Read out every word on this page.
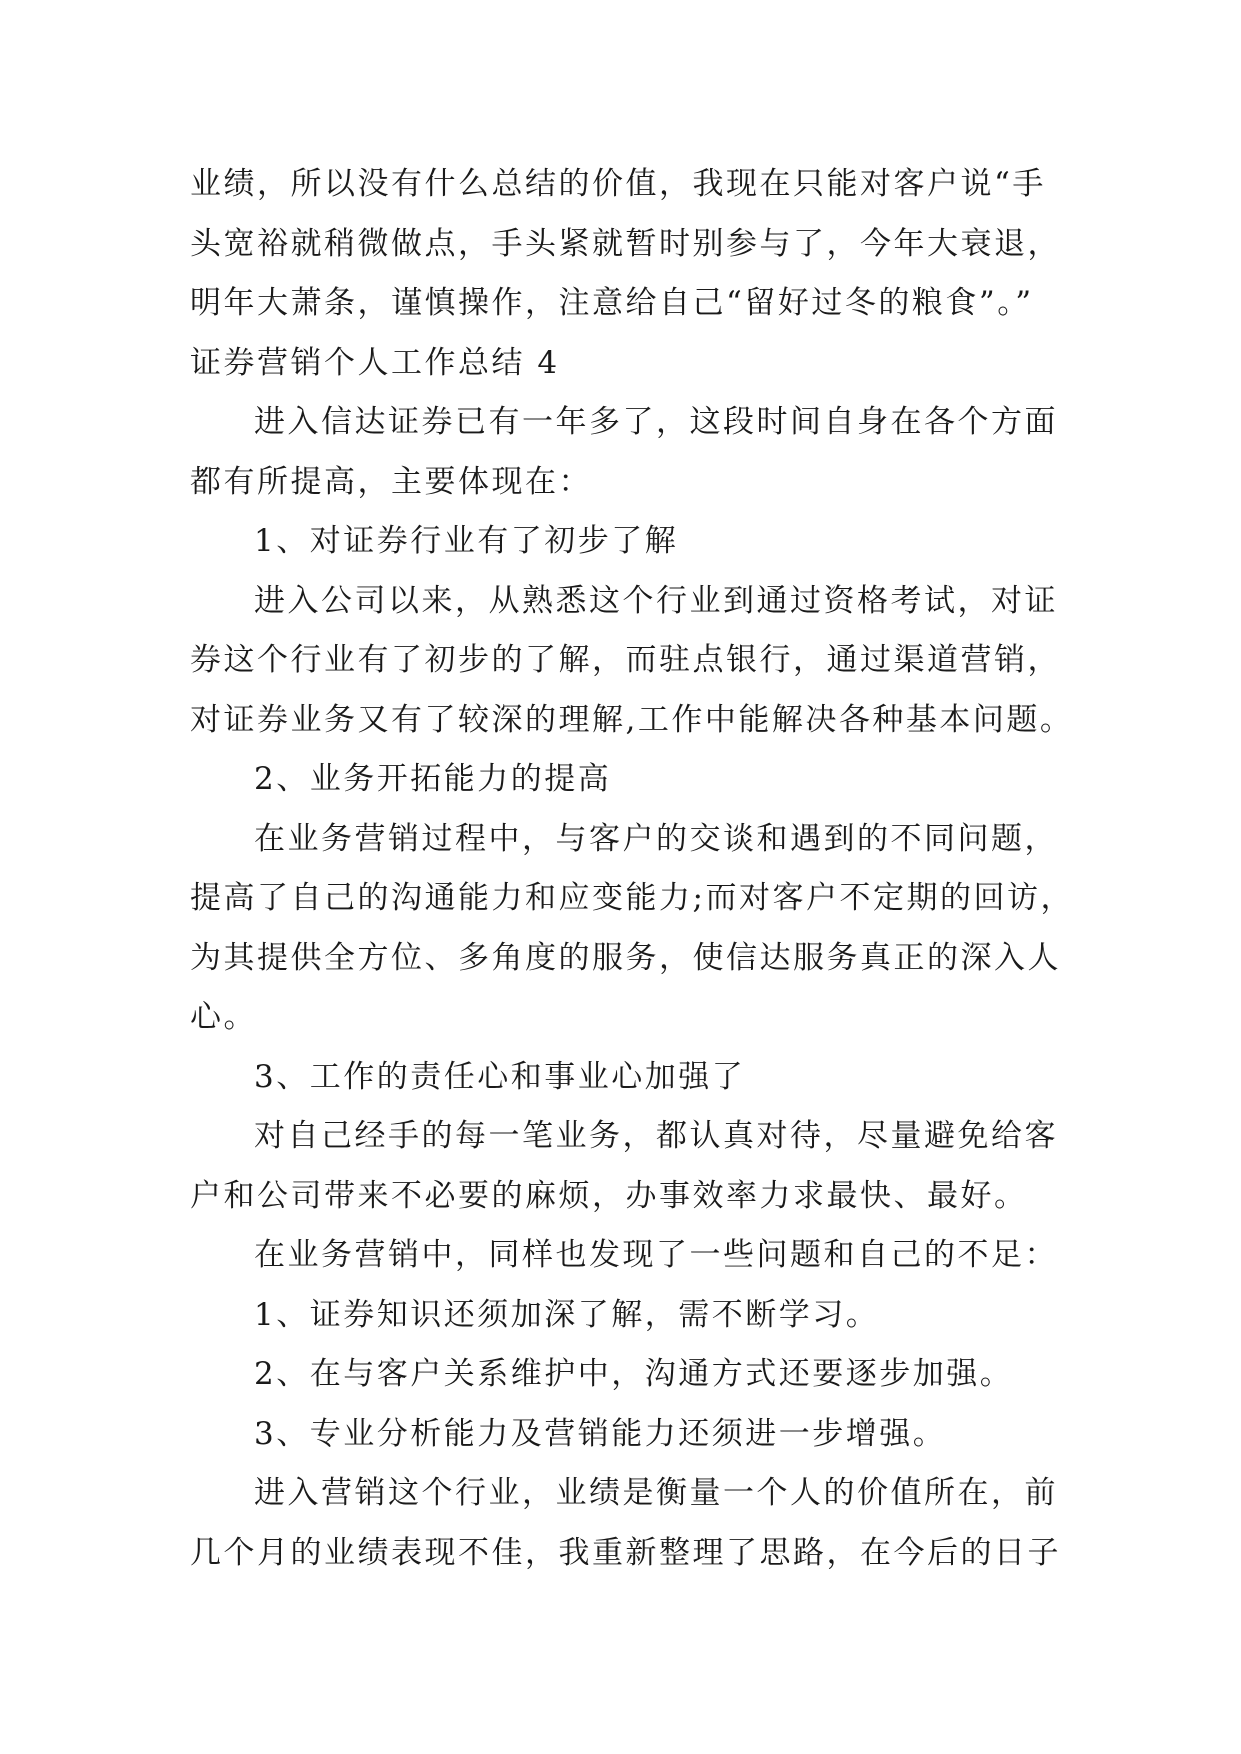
业绩，所以没有什么总结的价值，我现在只能对客户说“手
头宽裕就稍微做点，手头紧就暂时别参与了，今年大衰退，
明年大萧条，谨慎操作，注意给自己“留好过冬的粮食”。”
证券营销个人工作总结 4
进入信达证券已有一年多了，这段时间自身在各个方面
都有所提高，主要体现在：
1、对证券行业有了初步了解
进入公司以来，从熟悉这个行业到通过资格考试，对证
券这个行业有了初步的了解，而驻点银行，通过渠道营销，
对证券业务又有了较深的理解,工作中能解决各种基本问题。
2、业务开拓能力的提高
在业务营销过程中，与客户的交谈和遇到的不同问题，
提高了自己的沟通能力和应变能力;而对客户不定期的回访，
为其提供全方位、多角度的服务，使信达服务真正的深入人
心。
3、工作的责任心和事业心加强了
对自己经手的每一笔业务，都认真对待，尽量避免给客
户和公司带来不必要的麻烦，办事效率力求最快、最好。
在业务营销中，同样也发现了一些问题和自己的不足：
1、证券知识还须加深了解，需不断学习。
2、在与客户关系维护中，沟通方式还要逐步加强。
3、专业分析能力及营销能力还须进一步增强。
进入营销这个行业，业绩是衡量一个人的价值所在，前
几个月的业绩表现不佳，我重新整理了思路，在今后的日子
